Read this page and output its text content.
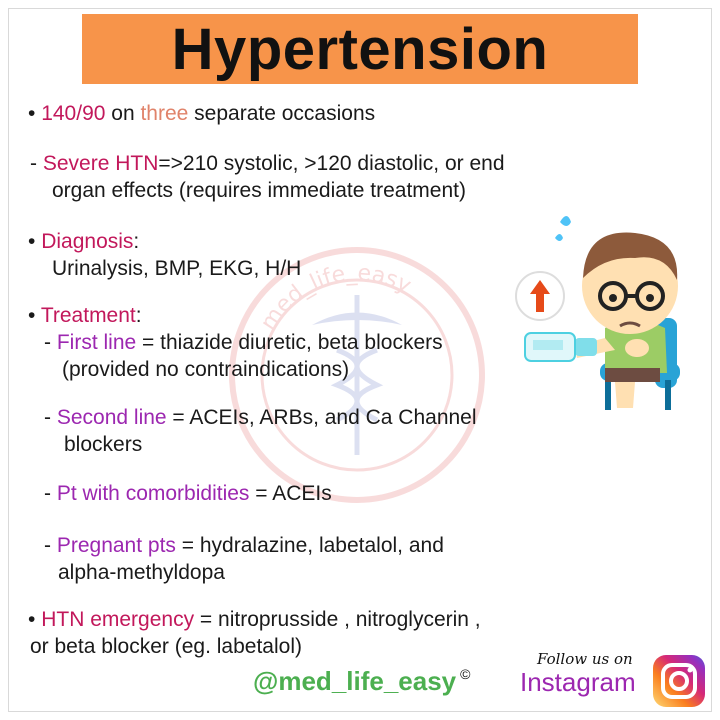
Hypertension
med_life_easy
• 140/90 on three separate occasions
- Severe HTN=>210 systolic, >120 diastolic, or end
organ effects (requires immediate treatment)
• Diagnosis:
Urinalysis, BMP, EKG, H/H
• Treatment:
- First line = thiazide diuretic, beta blockers
(provided no contraindications)
- Second line = ACEIs, ARBs, and Ca Channel
blockers
- Pt with comorbidities = ACEIs
- Pregnant pts = hydralazine, labetalol, and
alpha-methyldopa
• HTN emergency = nitroprusside , nitroglycerin ,
or beta blocker (eg. labetalol)
@med_life_easy ©
Follow us on
Instagram
